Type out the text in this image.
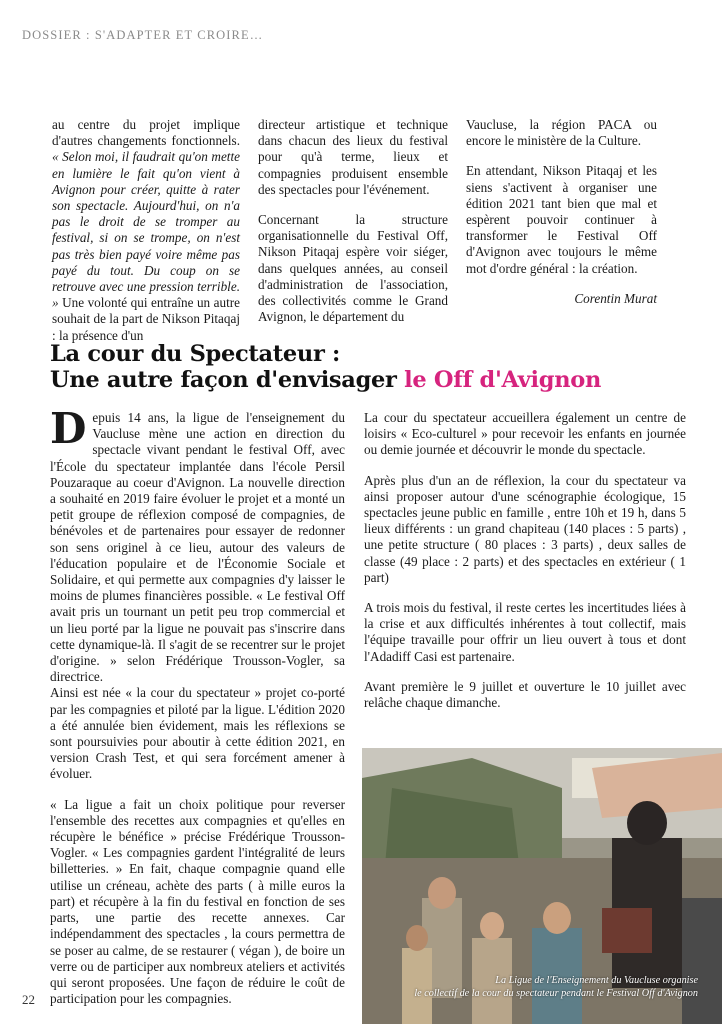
DOSSIER : S'ADAPTER ET CROIRE…

au centre du projet implique d'autres changements fonctionnels. « Selon moi, il faudrait qu'on mette en lumière le fait qu'on vient à Avignon pour créer, quitte à rater son spectacle. Aujourd'hui, on n'a pas le droit de se tromper au festival, si on se trompe, on n'est pas très bien payé voire même pas payé du tout. Du coup on se retrouve avec une pression terrible. » Une volonté qui entraîne un autre souhait de la part de Nikson Pitaqaj : la présence d'un

directeur artistique et technique dans chacun des lieux du festival pour qu'à terme, lieux et compagnies produisent ensemble des spectacles pour l'événement.

Concernant la structure organisationnelle du Festival Off, Nikson Pitaqaj espère voir siéger, dans quelques années, au conseil d'administration de l'association, des collectivités comme le Grand Avignon, le département du

Vaucluse, la région PACA ou encore le ministère de la Culture.

En attendant, Nikson Pitaqaj et les siens s'activent à organiser une édition 2021 tant bien que mal et espèrent pouvoir continuer à transformer le Festival Off d'Avignon avec toujours le même mot d'ordre général : la création.

Corentin Murat
La cour du Spectateur :
Une autre façon d'envisager le Off d'Avignon

Depuis 14 ans, la ligue de l'enseignement du Vaucluse mène une action en direction du spectacle vivant pendant le festival Off, avec l'École du spectateur implantée dans l'école Persil Pouzaraque au coeur d'Avignon. La nouvelle direction a souhaité en 2019 faire évoluer le projet et a monté un petit groupe de réflexion composé de compagnies, de bénévoles et de partenaires pour essayer de redonner son sens originel à ce lieu, autour des valeurs de l'éducation populaire et de l'Économie Sociale et Solidaire, et qui permette aux compagnies d'y laisser le moins de plumes financières possible. « Le festival Off avait pris un tournant un petit peu trop commercial et un lieu porté par la ligue ne pouvait pas s'inscrire dans cette dynamique-là. Il s'agit de se recentrer sur le projet d'origine. » selon Frédérique Trousson-Vogler, sa directrice.
Ainsi est née « la cour du spectateur » projet co-porté par les compagnies et piloté par la ligue. L'édition 2020 a été annulée bien évidement, mais les réflexions se sont poursuivies pour aboutir à cette édition 2021, en version Crash Test, et qui sera forcément amener à évoluer.

« La ligue a fait un choix politique pour reverser l'ensemble des recettes aux compagnies et qu'elles en récupère le bénéfice » précise Frédérique Trousson-Vogler. « Les compagnies gardent l'intégralité de leurs billetteries. » En fait, chaque compagnie quand elle utilise un créneau, achète des parts ( à mille euros la part) et récupère à la fin du festival en fonction de ses parts, une partie des recette annexes. Car indépendamment des spectacles , la cours permettra de se poser au calme, de se restaurer ( végan ), de boire un verre ou de participer aux nombreux ateliers et activités qui seront proposées. Une façon de réduire le coût de participation pour les compagnies.

La cour du spectateur accueillera également un centre de loisirs « Eco-culturel » pour recevoir les enfants en journée ou demie journée et découvrir le monde du spectacle.

Après plus d'un an de réflexion, la cour du spectateur va ainsi proposer autour d'une scénographie écologique, 15 spectacles jeune public en famille , entre 10h et 19 h, dans 5 lieux différents : un grand chapiteau (140 places : 5 parts) , une petite structure ( 80 places : 3 parts) , deux salles de classe (49 place : 2 parts) et des spectacles en extérieur ( 1 part)

A trois mois du festival, il reste certes les incertitudes liées à la crise et aux difficultés inhérentes à tout collectif, mais l'équipe travaille pour offrir un lieu ouvert à tous et dont l'Adadiff Casi est partenaire.

Avant première le 9 juillet et ouverture le 10 juillet avec relâche chaque dimanche.

La Ligue de l'Enseignement du Vaucluse organise
le collectif de la cour du spectateur pendant le Festival Off d'Avignon
22
